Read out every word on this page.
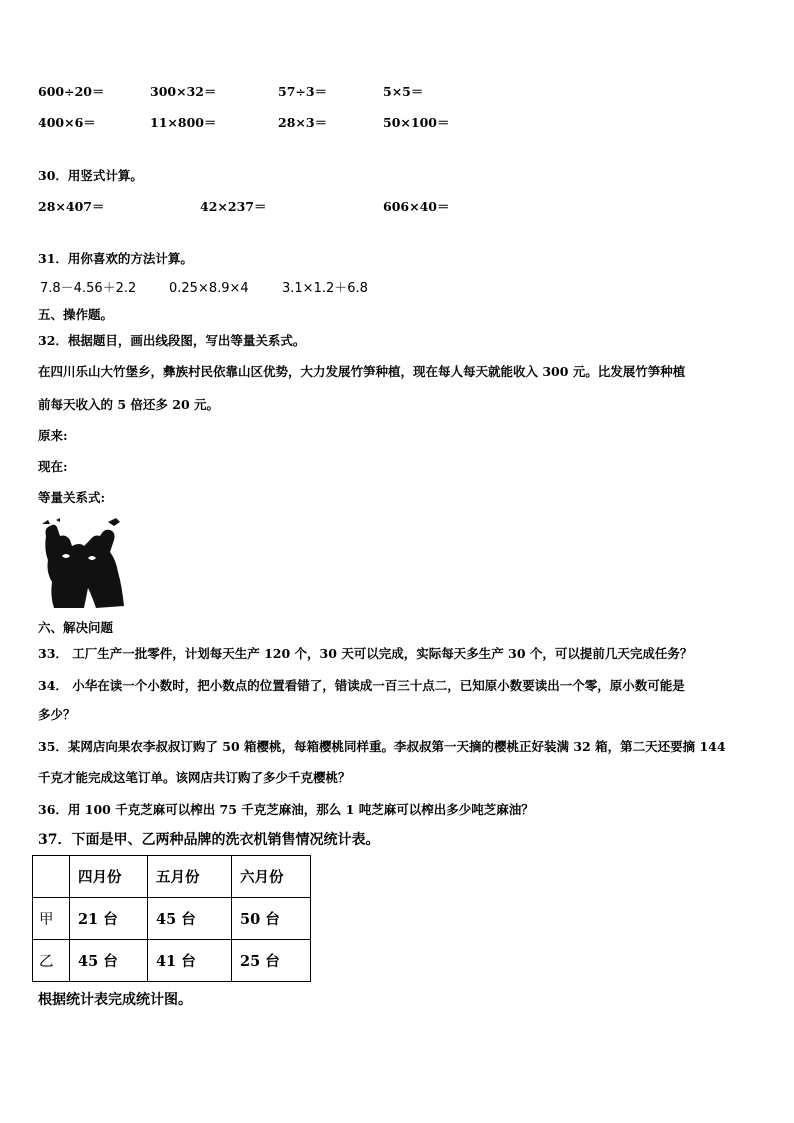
600÷20＝	300×32＝	57÷3＝	5×5＝
400×6＝	11×800＝	28×3＝	50×100＝
30．用竖式计算。
28×407＝	42×237＝	606×40＝
31．用你喜欢的方法计算。
7.8－4.56＋2.2	0.25×8.9×4	3.1×1.2＋6.8
五、操作题。
32．根据题目，画出线段图，写出等量关系式。
在四川乐山大竹堡乡，彝族村民依靠山区优势，大力发展竹笋种植，现在每人每天就能收入 300 元。比发展竹笋种植
前每天收入的 5 倍还多 20 元。
原来:
现在:
等量关系式:
六、解决问题
33． 工厂生产一批零件，计划每天生产 120 个，30 天可以完成，实际每天多生产 30 个，可以提前几天完成任务？
34． 小华在读一个小数时，把小数点的位置看错了，错读成一百三十点二，已知原小数要读出一个零，原小数可能是
多少？
35．某网店向果农李叔叔订购了 50 箱樱桃，每箱樱桃同样重。李叔叔第一天摘的樱桃正好装满 32 箱，第二天还要摘 144
千克才能完成这笔订单。该网店共订购了多少千克樱桃？
36．用 100 千克芝麻可以榨出 75 千克芝麻油，那么 1 吨芝麻可以榨出多少吨芝麻油？
37．下面是甲、乙两种品牌的洗衣机销售情况统计表。
	四月份	五月份	六月份
甲	21 台	45 台	50 台
乙	45 台	41 台	25 台
根据统计表完成统计图。
